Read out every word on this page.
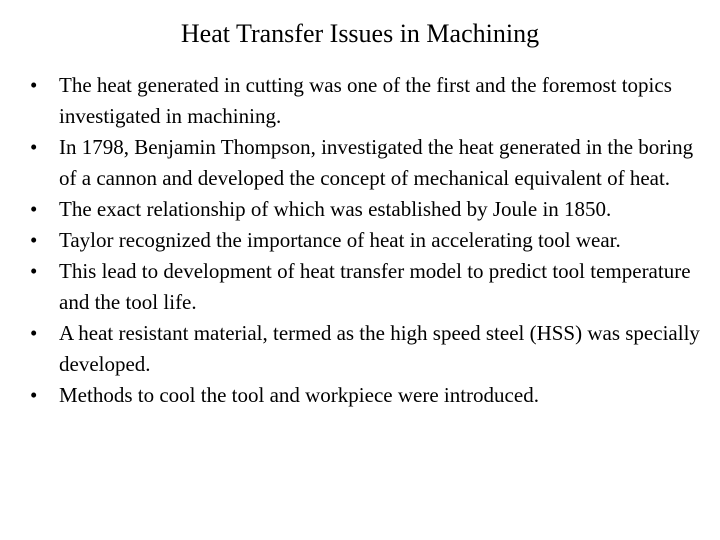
Heat Transfer Issues in Machining
•	The heat generated in cutting was one of the first and the foremost topics investigated in machining.
•	In 1798, Benjamin Thompson, investigated the heat generated in the boring of a cannon and developed the concept of mechanical equivalent of heat.
•	The exact relationship of which was established by Joule in 1850.
•	Taylor recognized the importance of heat in accelerating tool wear.
•	This lead to development of heat transfer model to predict tool temperature and the tool life.
•	A heat resistant material, termed as the high speed steel (HSS) was specially developed.
•	Methods to cool the tool and workpiece were introduced.
